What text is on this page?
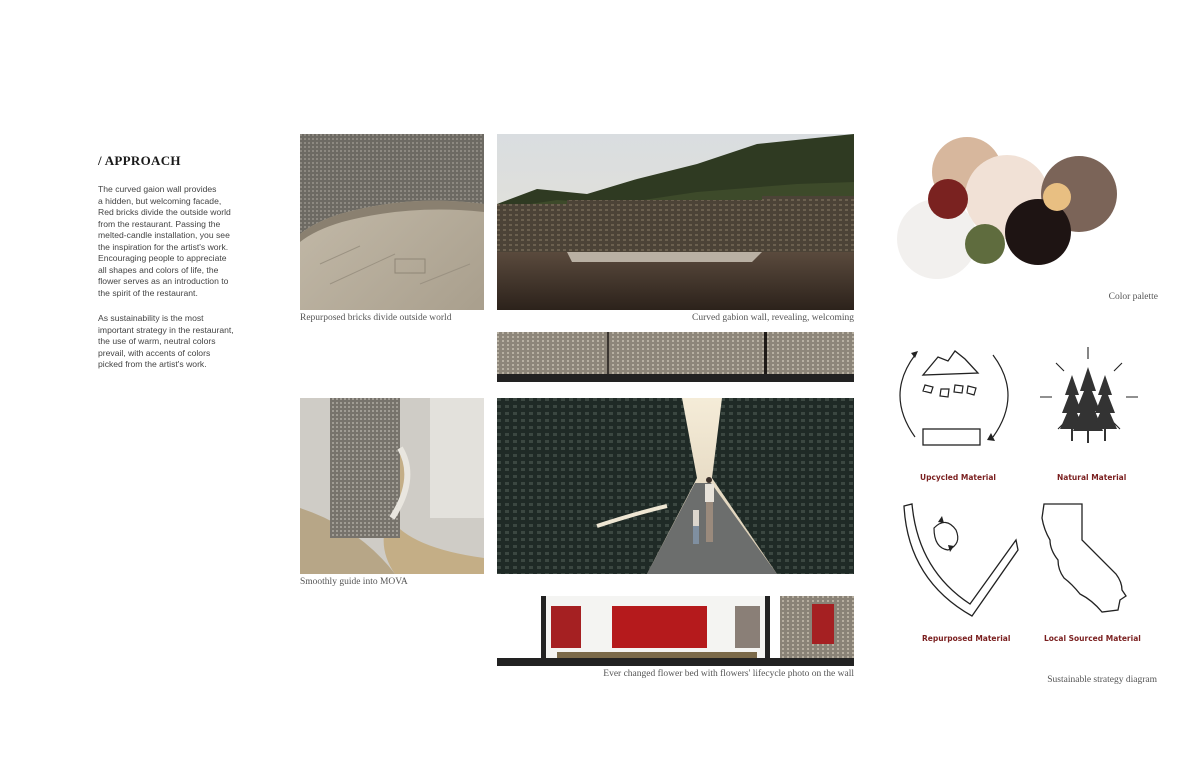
/ APPROACH
The curved gaion wall provides
a hidden, but welcoming facade,
Red bricks divide the outside world
from the restaurant. Passing the
melted-candle installation, you see
the inspiration for the artist's work.
Encouraging people to appreciate
all shapes and colors of life, the
flower serves as an introduction to
the spirit of the restaurant.
As sustainability is the most
important strategy in the restaurant,
the use of warm, neutral colors
prevail, with accents of colors
picked from the artist's work.
Repurposed bricks divide outside world	Curved gabion wall, revealing, welcoming
Smoothly guide into MOVA
Ever changed flower bed with flowers' lifecycle photo on the wall
Color palette
Upcycled Material	Natural Material
Repurposed Material	Local Sourced Material
Sustainable strategy diagram
